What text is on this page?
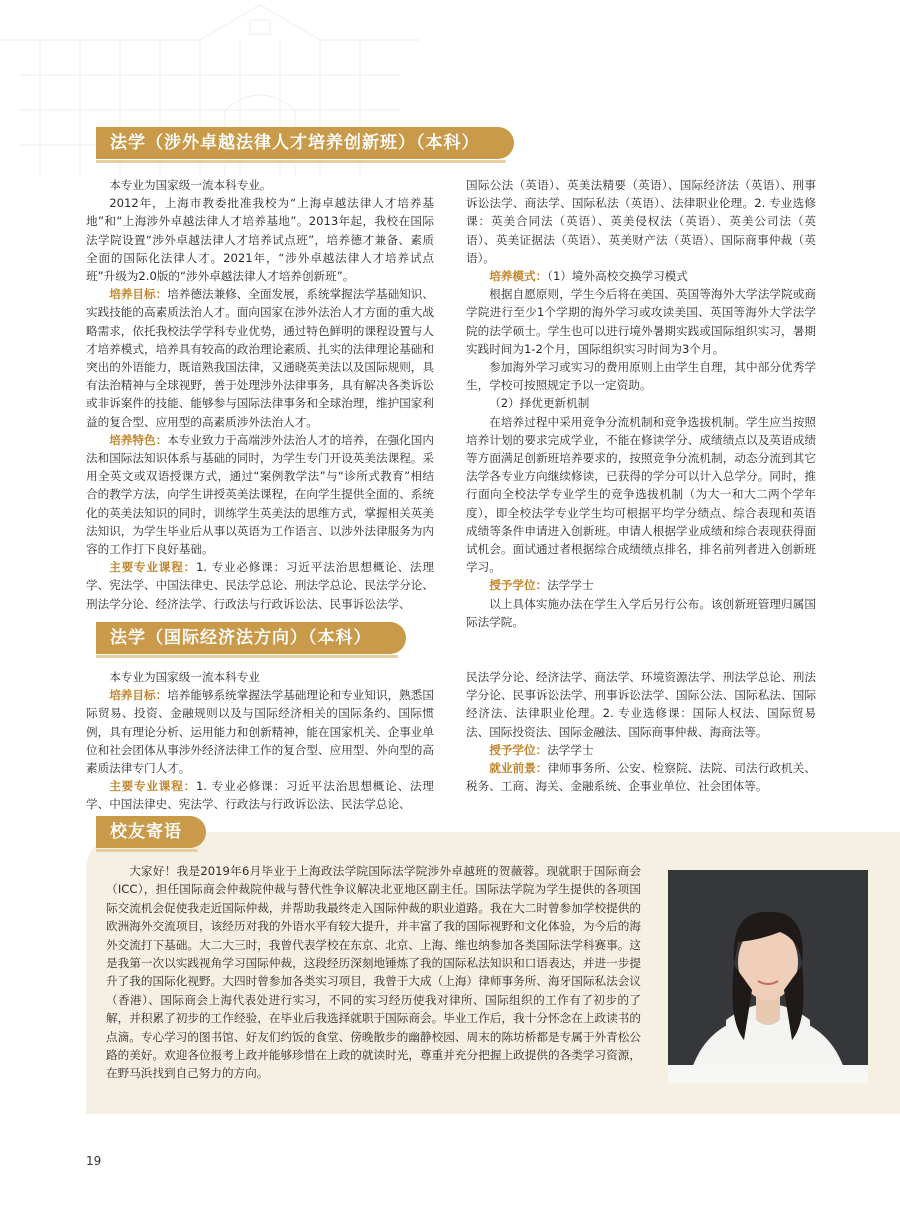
法学（涉外卓越法律人才培养创新班）（本科）

本专业为国家级一流本科专业。

2012年，上海市教委批准我校为“上海卓越法律人才培养基地”和“上海涉外卓越法律人才培养基地”。2013年起，我校在国际法学院设置“涉外卓越法律人才培养试点班”，培养德才兼备、素质全面的国际化法律人才。2021年，“涉外卓越法律人才培养试点班”升级为2.0版的“涉外卓越法律人才培养创新班”。

培养目标：培养德法兼修、全面发展，系统掌握法学基础知识、实践技能的高素质法治人才。面向国家在涉外法治人才方面的重大战略需求，依托我校法学学科专业优势，通过特色鲜明的课程设置与人才培养模式，培养具有较高的政治理论素质、扎实的法律理论基础和突出的外语能力，既谙熟我国法律，又通晓英美法以及国际规则，具有法治精神与全球视野，善于处理涉外法律事务，具有解决各类诉讼或非诉案件的技能、能够参与国际法律事务和全球治理，维护国家利益的复合型、应用型的高素质涉外法治人才。

培养特色：本专业致力于高端涉外法治人才的培养，在强化国内法和国际法知识体系与基础的同时，为学生专门开设英美法课程。采用全英文或双语授课方式，通过“案例教学法”与“诊所式教育”相结合的教学方法，向学生讲授英美法课程，在向学生提供全面的、系统化的英美法知识的同时，训练学生英美法的思维方式，掌握相关英美法知识，为学生毕业后从事以英语为工作语言、以涉外法律服务为内容的工作打下良好基础。

主要专业课程：1. 专业必修课：习近平法治思想概论、法理学、宪法学、中国法律史、民法学总论、刑法学总论、民法学分论、刑法学分论、经济法学、行政法与行政诉讼法、民事诉讼法学、

国际公法（英语）、英美法精要（英语）、国际经济法（英语）、刑事诉讼法学、商法学、国际私法（英语）、法律职业伦理。2. 专业选修课：英美合同法（英语）、英美侵权法（英语）、英美公司法（英语）、英美证据法（英语）、英美财产法（英语）、国际商事仲裁（英语）。

培养模式：（1）境外高校交换学习模式

根据自愿原则，学生今后将在美国、英国等海外大学法学院或商学院进行至少1个学期的海外学习或攻读美国、英国等海外大学法学院的法学硕士。学生也可以进行境外暑期实践或国际组织实习，暑期实践时间为1-2个月，国际组织实习时间为3个月。

参加海外学习或实习的费用原则上由学生自理，其中部分优秀学生，学校可按照规定予以一定资助。

（2）择优更新机制

在培养过程中采用竞争分流机制和竞争选拔机制。学生应当按照培养计划的要求完成学业，不能在修读学分、成绩绩点以及英语成绩等方面满足创新班培养要求的，按照竞争分流机制，动态分流到其它法学各专业方向继续修读，已获得的学分可以计入总学分。同时，推行面向全校法学专业学生的竞争选拔机制（为大一和大二两个学年度），即全校法学专业学生均可根据平均学分绩点、综合表现和英语成绩等条件申请进入创新班。申请人根据学业成绩和综合表现获得面试机会。面试通过者根据综合成绩绩点排名，排名前列者进入创新班学习。

授予学位：法学学士

以上具体实施办法在学生入学后另行公布。该创新班管理归属国际法学院。

法学（国际经济法方向）（本科）

本专业为国家级一流本科专业

培养目标：培养能够系统掌握法学基础理论和专业知识，熟悉国际贸易、投资、金融规则以及与国际经济相关的国际条约、国际惯例，具有理论分析、运用能力和创新精神，能在国家机关、企事业单位和社会团体从事涉外经济法律工作的复合型、应用型、外向型的高素质法律专门人才。

主要专业课程：1. 专业必修课：习近平法治思想概论、法理学、中国法律史、宪法学、行政法与行政诉讼法、民法学总论、

民法学分论、经济法学、商法学、环境资源法学、刑法学总论、刑法学分论、民事诉讼法学、刑事诉讼法学、国际公法、国际私法、国际经济法、法律职业伦理。2. 专业选修课：国际人权法、国际贸易法、国际投资法、国际金融法、国际商事仲裁、海商法等。

授予学位：法学学士

就业前景：律师事务所、公安、检察院、法院、司法行政机关、税务、工商、海关、金融系统、企事业单位、社会团体等。

校友寄语

大家好！我是2019年6月毕业于上海政法学院国际法学院涉外卓越班的贺薇蓉。现就职于国际商会（ICC），担任国际商会仲裁院仲裁与替代性争议解决北亚地区副主任。国际法学院为学生提供的各项国际交流机会促使我走近国际仲裁，并帮助我最终走入国际仲裁的职业道路。我在大二时曾参加学校提供的欧洲海外交流项目，该经历对我的外语水平有较大提升，并丰富了我的国际视野和文化体验，为今后的海外交流打下基础。大二大三时，我曾代表学校在东京、北京、上海、维也纳参加各类国际法学科赛事。这是我第一次以实践视角学习国际仲裁，这段经历深刻地锤炼了我的国际私法知识和口语表达，并进一步提升了我的国际化视野。大四时曾参加各类实习项目，我曾于大成（上海）律师事务所、海牙国际私法会议（香港）、国际商会上海代表处进行实习，不同的实习经历使我对律所、国际组织的工作有了初步的了解，并积累了初步的工作经验，在毕业后我选择就职于国际商会。毕业工作后，我十分怀念在上政读书的点滴。专心学习的图书馆、好友们约饭的食堂、傍晚散步的幽静校园、周末的陈坊桥都是专属于外青松公路的美好。欢迎各位报考上政并能够珍惜在上政的就读时光，尊重并充分把握上政提供的各类学习资源，在野马浜找到自己努力的方向。

19
